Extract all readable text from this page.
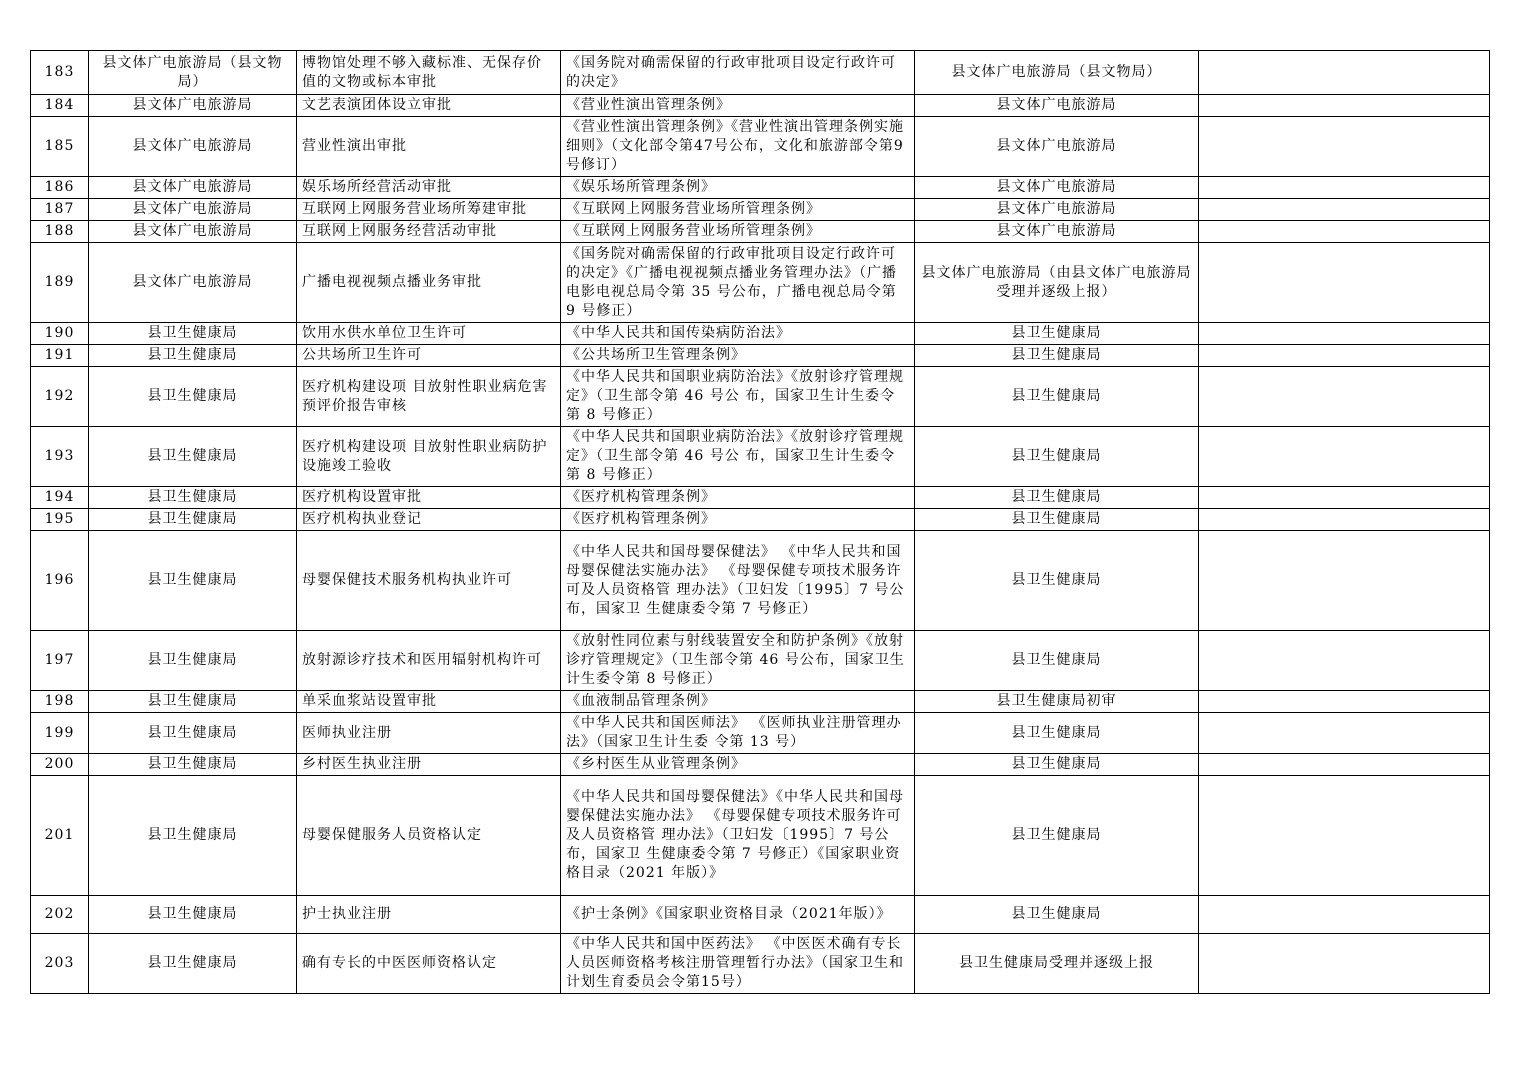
183	县文体广电旅游局（县文物局）	博物馆处理不够入藏标准、无保存价值的文物或标本审批	《国务院对确需保留的行政审批项目设定行政许可的决定》	县文体广电旅游局（县文物局）	
184	县文体广电旅游局	文艺表演团体设立审批	《营业性演出管理条例》	县文体广电旅游局	
185	县文体广电旅游局	营业性演出审批	《营业性演出管理条例》《营业性演出管理条例实施细则》（文化部令第47号公布，文化和旅游部令第9号修订）	县文体广电旅游局	
186	县文体广电旅游局	娱乐场所经营活动审批	《娱乐场所管理条例》	县文体广电旅游局	
187	县文体广电旅游局	互联网上网服务营业场所筹建审批	《互联网上网服务营业场所管理条例》	县文体广电旅游局	
188	县文体广电旅游局	互联网上网服务经营活动审批	《互联网上网服务营业场所管理条例》	县文体广电旅游局	
189	县文体广电旅游局	广播电视视频点播业务审批	《国务院对确需保留的行政审批项目设定行政许可的决定》《广播电视视频点播业务管理办法》（广播电影电视总局令第 35 号公布，广播电视总局令第 9 号修正）	县文体广电旅游局（由县文体广电旅游局受理并逐级上报）	
190	县卫生健康局	饮用水供水单位卫生许可	《中华人民共和国传染病防治法》	县卫生健康局	
191	县卫生健康局	公共场所卫生许可	《公共场所卫生管理条例》	县卫生健康局	
192	县卫生健康局	医疗机构建设项 目放射性职业病危害预评价报告审核	《中华人民共和国职业病防治法》《放射诊疗管理规定》（卫生部令第 46 号公 布，国家卫生计生委令第 8 号修正）	县卫生健康局	
193	县卫生健康局	医疗机构建设项 目放射性职业病防护设施竣工验收	《中华人民共和国职业病防治法》《放射诊疗管理规定》（卫生部令第 46 号公 布，国家卫生计生委令第 8 号修正）	县卫生健康局	
194	县卫生健康局	医疗机构设置审批	《医疗机构管理条例》	县卫生健康局	
195	县卫生健康局	医疗机构执业登记	《医疗机构管理条例》	县卫生健康局	
196	县卫生健康局	母婴保健技术服务机构执业许可	《中华人民共和国母婴保健法》 《中华人民共和国母婴保健法实施办法》 《母婴保健专项技术服务许可及人员资格管 理办法》（卫妇发〔1995〕7 号公布，国家卫 生健康委令第 7 号修正）	县卫生健康局	
197	县卫生健康局	放射源诊疗技术和医用辐射机构许可	《放射性同位素与射线装置安全和防护条例》《放射诊疗管理规定》（卫生部令第 46 号公布，国家卫生计生委令第 8 号修正）	县卫生健康局	
198	县卫生健康局	单采血浆站设置审批	《血液制品管理条例》	县卫生健康局初审	
199	县卫生健康局	医师执业注册	《中华人民共和国医师法》 《医师执业注册管理办法》（国家卫生计生委 令第 13 号）	县卫生健康局	
200	县卫生健康局	乡村医生执业注册	《乡村医生从业管理条例》	县卫生健康局	
201	县卫生健康局	母婴保健服务人员资格认定	《中华人民共和国母婴保健法》《中华人民共和国母婴保健法实施办法》 《母婴保健专项技术服务许可及人员资格管 理办法》（卫妇发〔1995〕7 号公布，国家卫 生健康委令第 7 号修正）《国家职业资格目录（2021 年版）》	县卫生健康局	
202	县卫生健康局	护士执业注册	《护士条例》《国家职业资格目录（2021年版）》	县卫生健康局	
203	县卫生健康局	确有专长的中医医师资格认定	《中华人民共和国中医药法》 《中医医术确有专长人员医师资格考核注册管理暂行办法》（国家卫生和计划生育委员会令第15号）	县卫生健康局受理并逐级上报	
